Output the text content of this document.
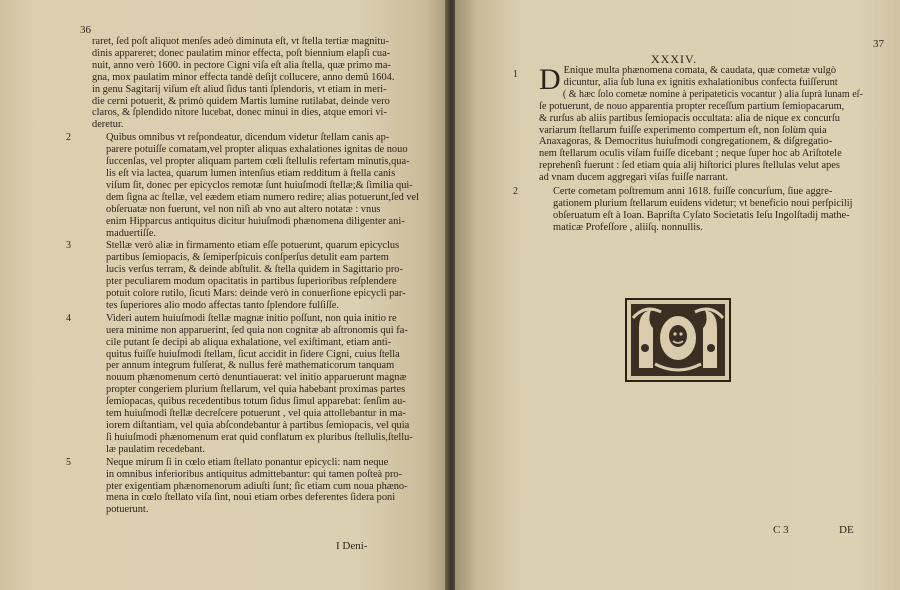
36
raret, ſed poſt aliquot menſes adeò diminuta eſt, vt ſtella tertiæ magnitu-
dinis appareret; donec paulatim minor effecta, poſt biennium elapſi cua-
nuit, anno verò 1600. in pectore Cigni viſa eſt alia ſtella, quæ primo ma-
gna, mox paulatim minor effecta tandè deſijt collucere, anno demû 1604.
in genu Sagitarij viſum eſt aliud ſidus tanti ſplendoris, vt etiam in meri-
die cerni potuerit, & primò quidem Martis lumine rutilabat, deinde vero
claros, & ſplendido nitore lucebat, donec minui in dies, atque emori vi-
deretur.
2	Quibus omnibus vt reſpondeatur, dicendum videtur ſtellam canis ap-
parere potuiſſe comatam,vel propter aliquas exhalationes ignitas de nouo
ſuccenſas, vel propter aliquam partem cœli ſtellulis refertam minutis,qua-
lis eſt via lactea, quarum lumen intenſius etiam redditum à ſtella canis
viſum ſit, donec per epicyclos remotæ ſunt huiuſmodi ſtellæ;& ſimilia qui-
dem ſigna ac ſtellæ, vel eædem etiam numero redire; alias potuerunt,ſed vel
obſeruatæ non fuerunt, vel non niſi ab vno aut altero notatæ : vnus
enim Hipparcus antiquitus dicitur huiuſmodi phænomena diligenter ani-
maduertiſſe.
3	Stellæ verò aliæ in firmamento etiam eſſe potuerunt, quarum epicyclus
partibus ſemiopacis, & ſemiperſpicuis conſperſus detulit eam partem
lucis verſus terram, & deinde abſtulit. & ſtella quidem in Sagittario pro-
pter peculiarem modum opacitatis in partibus ſuperioribus reſplendere
potuit colore rutilo, ſicuti Mars: deinde verò in conuerſione epicycli par-
tes ſuperiores alio modo affectas tanto ſplendore fulſiſſe.
4	Videri autem huiuſmodi ſtellæ magnæ initio poſſunt, non quia initio re
uera minime non apparuerint, ſed quia non cognitæ ab aſtronomis qui fa-
cile putant ſe decipi ab aliqua exhalatione, vel exiſtimant, etiam anti-
quitus fuiſſe huiuſmodi ſtellam, ſicut accidit in ſidere Cigni, cuius ſtella
per annum integrum fulſerat, & nullus ferè mathematicorum tanquam
nouum phænomenum certò denuntiauerat: vel initio apparuerunt magnæ
propter congeriem plurium ſtellarum, vel quia habebant proximas partes
ſemiopacas, quibus recedentibus totum ſidus ſimul apparebat: ſenſim au-
tem huiuſmodi ſtellæ decreſcere potuerunt , vel quia attollebantur in ma-
iorem diſtantiam, vel quia abſcondebantur à partibus ſemiopacis, vel quia
ſi huiuſmodi phænomenum erat quid conflatum ex pluribus ſtellulis,ſtellu-
læ paulatim recedebant.
5	Neque mirum ſi in cœlo etiam ſtellato ponantur epicycli: nam neque
in omnibus inferioribus antiquitus admittebantur: qui tamen poſteà pro-
pter exigentiam phænomenorum adiuſti ſunt; ſic etiam cum noua phæno-
mena in cœlo ſtellato viſa ſint, noui etiam orbes deferentes ſidera poni
potuerunt.
I Deni-
37
XXXIV.
1 D Enique multa phænomena comata, & caudata, quæ cometæ vulgò
dicuntur, alia ſub luna ex ignitis exhalationibus confecta fuiſſerunt
( & hæc ſolo cometæ nomine à peripateticis vocantur ) alia ſuprà lunam eſ-
ſe potuerunt, de nouo apparentia propter receſſum partium ſemiopacarum,
& rurſus ab aliis partibus ſemiopacis occultata: alia de nique ex concurſu
variarum ſtellarum fuiſſe experimento compertum eſt, non ſolùm quia
Anaxagoras, & Democritus huiuſmodi congregationem, & diſgregatio-
nem ſtellarum oculis viſam fuiſſe dicebant ; neque ſuper hoc ab Ariſtotele
reprehenſi fuerunt : ſed etiam quia alij hiſtorici plures ſtellulas velut apes
ad vnam ducem aggregari viſas fuiſſe narrant.
2	Certe cometam poſtremum anni 1618. fuiſſe concurſum, ſiue aggre-
gationem plurium ſtellarum euidens videtur; vt beneficio noui perſpicilij
obſeruatum eſt à Ioan. Bapriſta Cyſato Societatis Ieſu Ingolſtadij mathe-
maticæ Profeſſore , aliiſq. nonnullis.
C 3	DE
